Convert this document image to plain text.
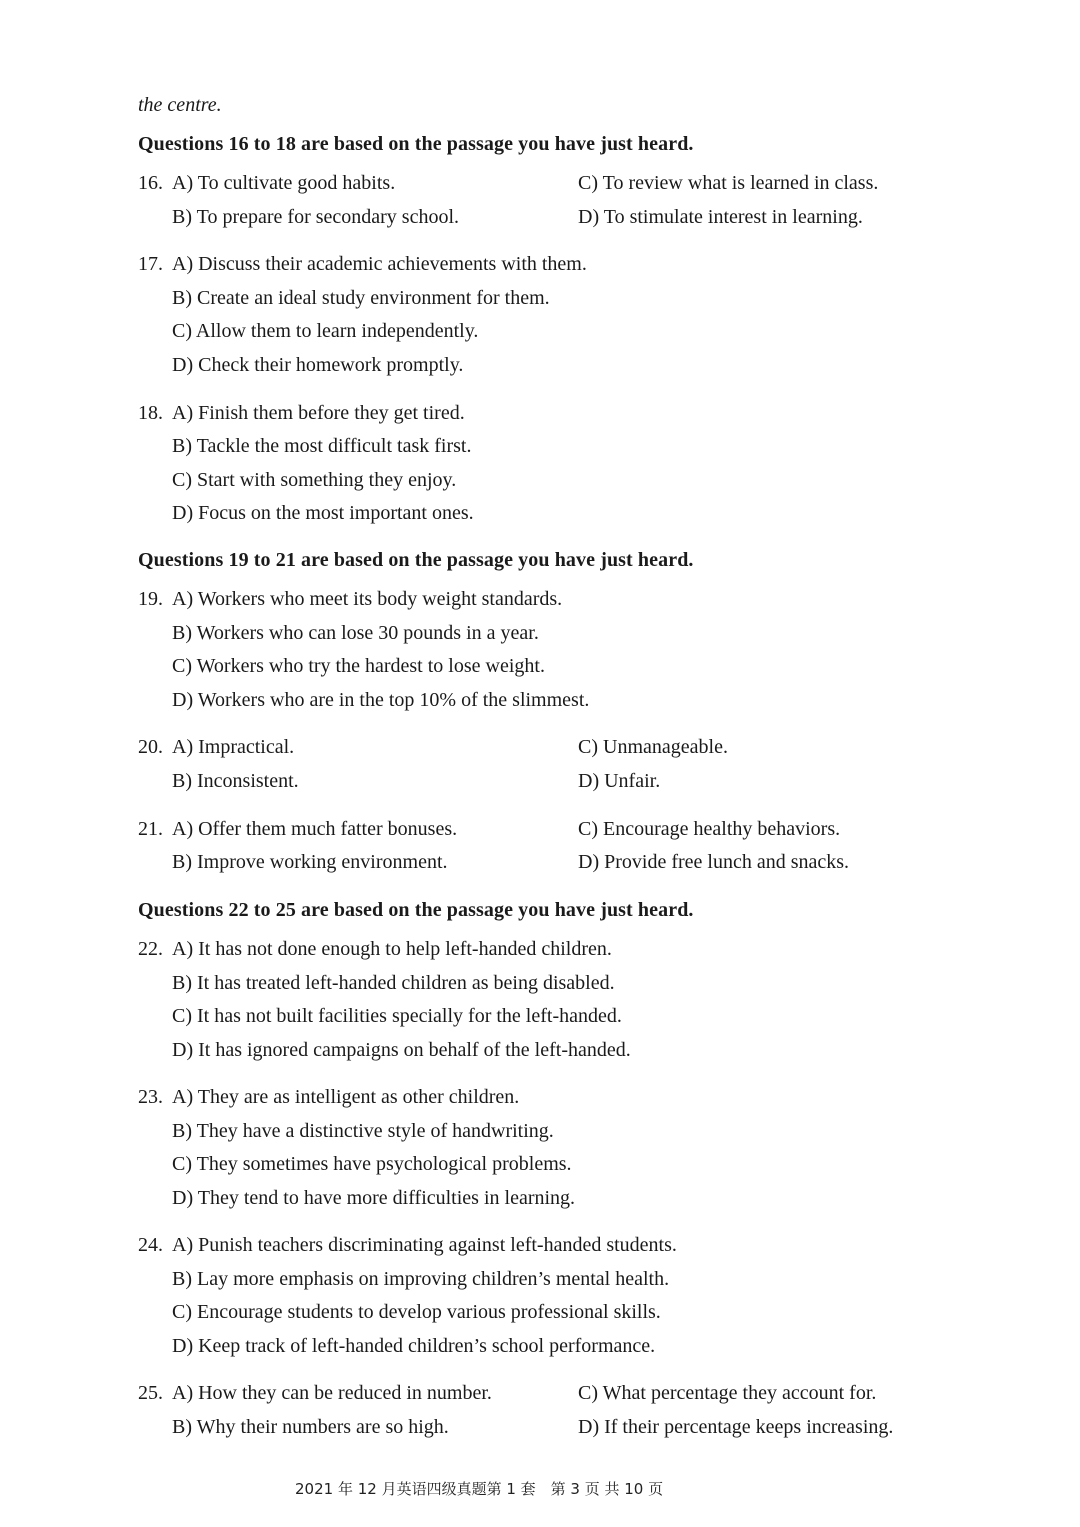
the centre.
Questions 16 to 18 are based on the passage you have just heard.
16. A) To cultivate good habits.
B) To prepare for secondary school.
C) To review what is learned in class.
D) To stimulate interest in learning.
17. A) Discuss their academic achievements with them.
B) Create an ideal study environment for them.
C) Allow them to learn independently.
D) Check their homework promptly.
18. A) Finish them before they get tired.
B) Tackle the most difficult task first.
C) Start with something they enjoy.
D) Focus on the most important ones.
Questions 19 to 21 are based on the passage you have just heard.
19. A) Workers who meet its body weight standards.
B) Workers who can lose 30 pounds in a year.
C) Workers who try the hardest to lose weight.
D) Workers who are in the top 10% of the slimmest.
20. A) Impractical.
B) Inconsistent.
C) Unmanageable.
D) Unfair.
21. A) Offer them much fatter bonuses.
B) Improve working environment.
C) Encourage healthy behaviors.
D) Provide free lunch and snacks.
Questions 22 to 25 are based on the passage you have just heard.
22. A) It has not done enough to help left-handed children.
B) It has treated left-handed children as being disabled.
C) It has not built facilities specially for the left-handed.
D) It has ignored campaigns on behalf of the left-handed.
23. A) They are as intelligent as other children.
B) They have a distinctive style of handwriting.
C) They sometimes have psychological problems.
D) They tend to have more difficulties in learning.
24. A) Punish teachers discriminating against left-handed students.
B) Lay more emphasis on improving children’s mental health.
C) Encourage students to develop various professional skills.
D) Keep track of left-handed children’s school performance.
25. A) How they can be reduced in number.
B) Why their numbers are so high.
C) What percentage they account for.
D) If their percentage keeps increasing.
2021 年 12 月英语四级真题第 1 套　第 3 页 共 10 页
